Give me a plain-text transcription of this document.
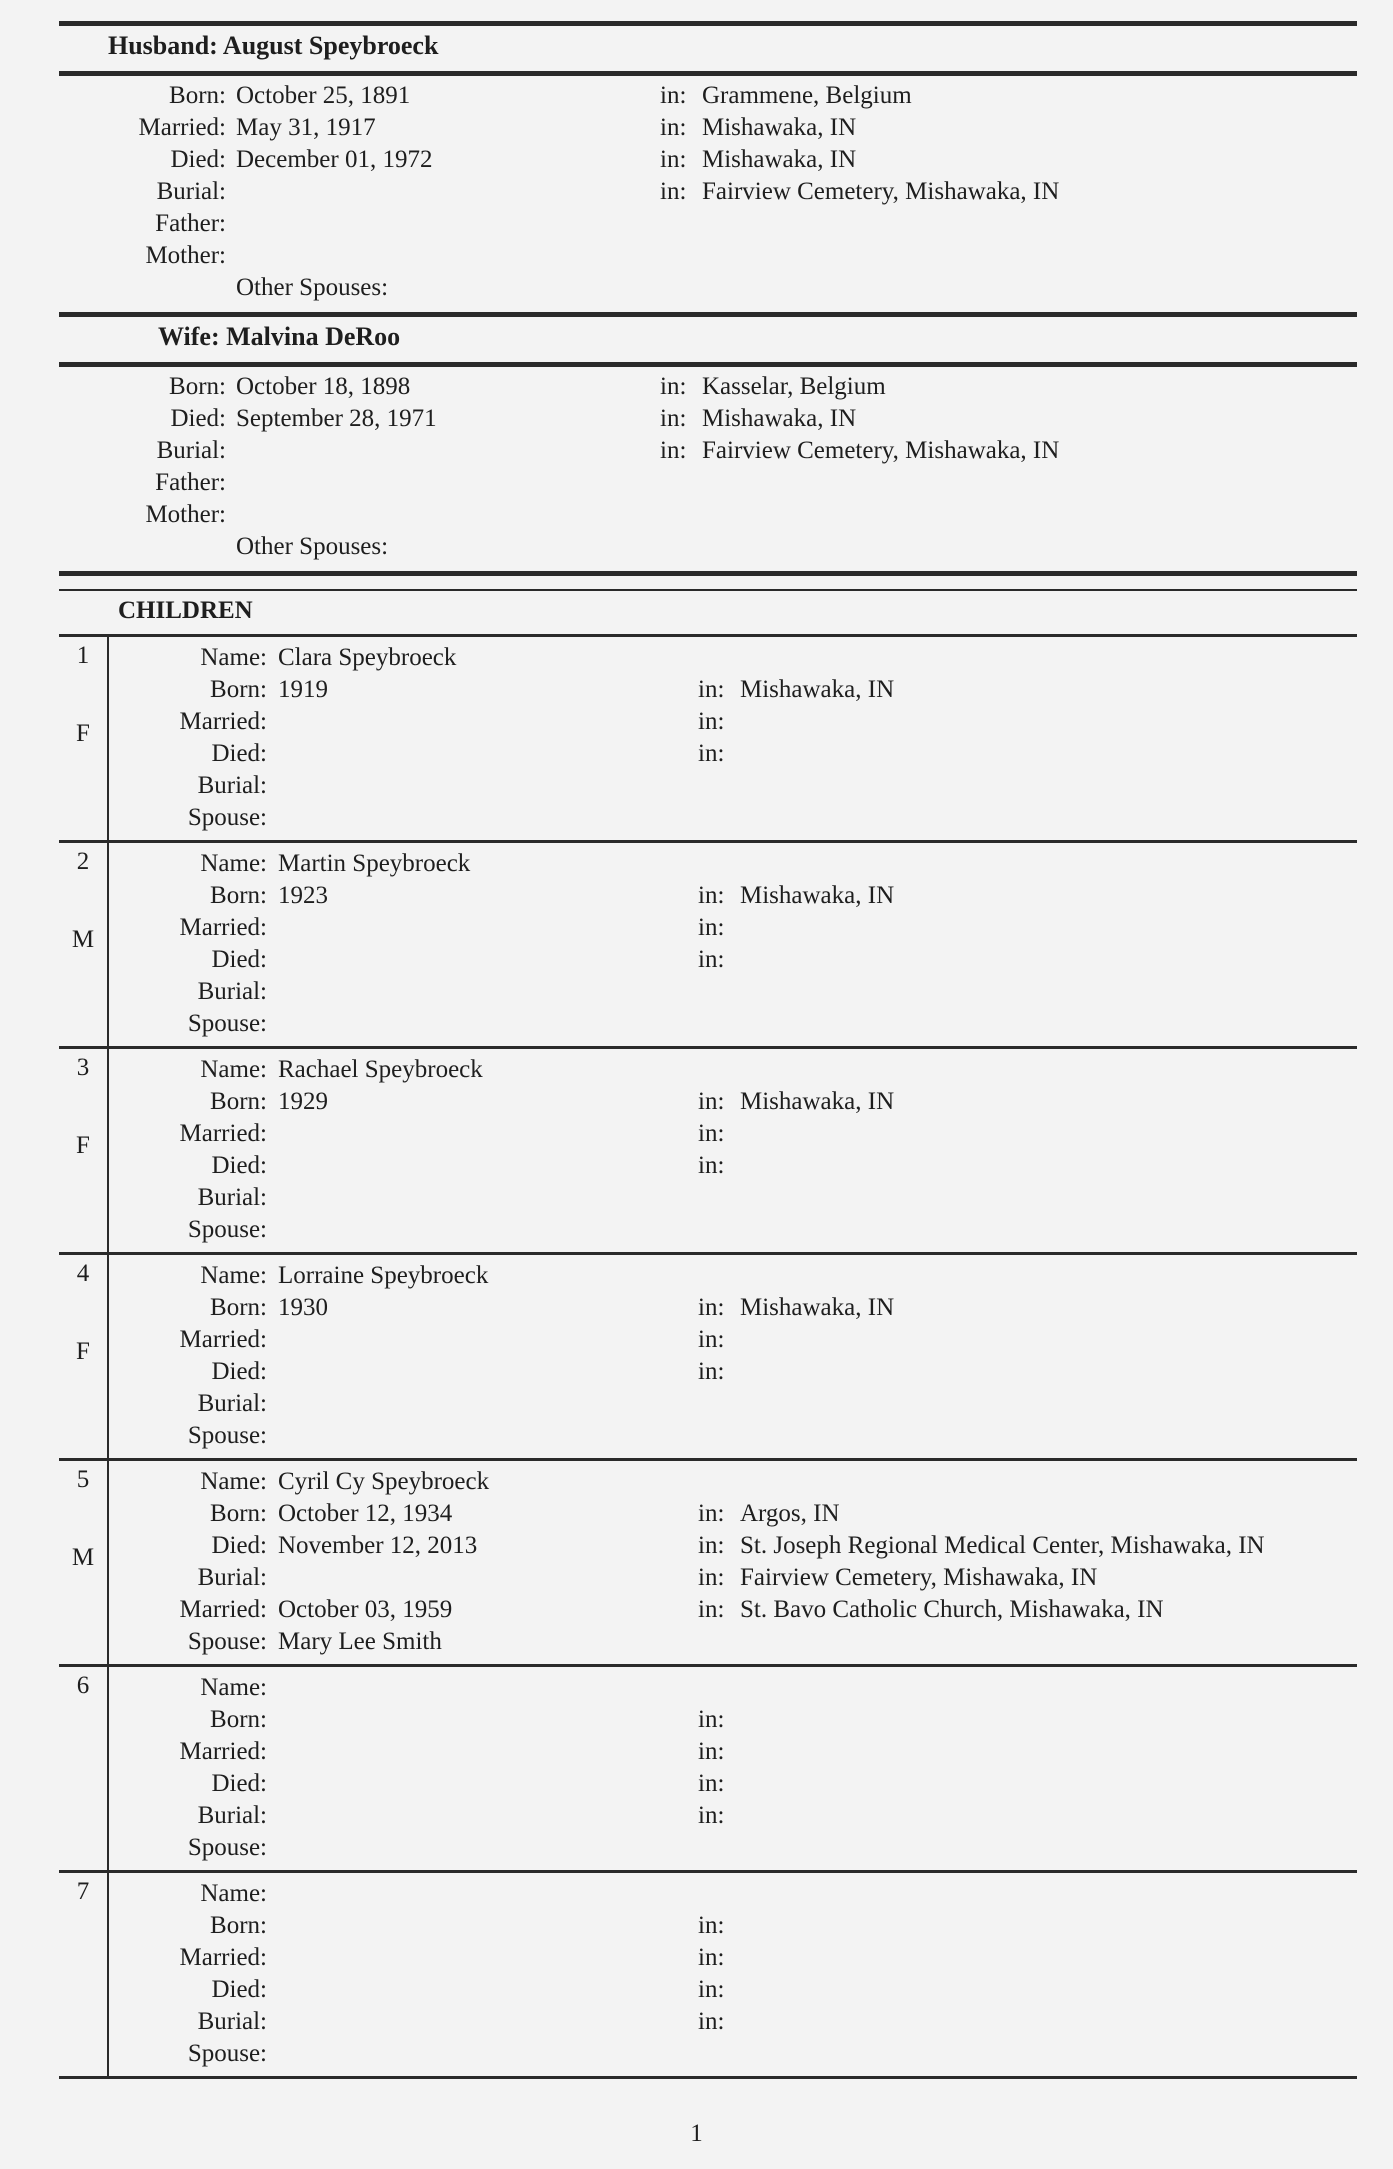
Husband: August Speybroeck
Born: October 25, 1891	in: Grammene, Belgium
Married: May 31, 1917	in: Mishawaka, IN
Died: December 01, 1972	in: Mishawaka, IN
Burial:	in: Fairview Cemetery, Mishawaka, IN
Father:
Mother:
Other Spouses:
Wife: Malvina DeRoo
Born: October 18, 1898	in: Kasselar, Belgium
Died: September 28, 1971	in: Mishawaka, IN
Burial:	in: Fairview Cemetery, Mishawaka, IN
Father:
Mother:
Other Spouses:
CHILDREN
1
F
Name: Clara Speybroeck
Born: 1919	in: Mishawaka, IN
Married:	in:
Died:	in:
Burial:
Spouse:
2
M
Name: Martin Speybroeck
Born: 1923	in: Mishawaka, IN
Married:	in:
Died:	in:
Burial:
Spouse:
3
F
Name: Rachael Speybroeck
Born: 1929	in: Mishawaka, IN
Married:	in:
Died:	in:
Burial:
Spouse:
4
F
Name: Lorraine Speybroeck
Born: 1930	in: Mishawaka, IN
Married:	in:
Died:	in:
Burial:
Spouse:
5
M
Name: Cyril Cy Speybroeck
Born: October 12, 1934	in: Argos, IN
Died: November 12, 2013	in: St. Joseph Regional Medical Center, Mishawaka, IN
Burial:	in: Fairview Cemetery, Mishawaka, IN
Married: October 03, 1959	in: St. Bavo Catholic Church, Mishawaka, IN
Spouse: Mary Lee Smith
6	Name:
Born:	in:
Married:	in:
Died:	in:
Burial:	in:
Spouse:
7	Name:
Born:	in:
Married:	in:
Died:	in:
Burial:	in:
Spouse:
1
